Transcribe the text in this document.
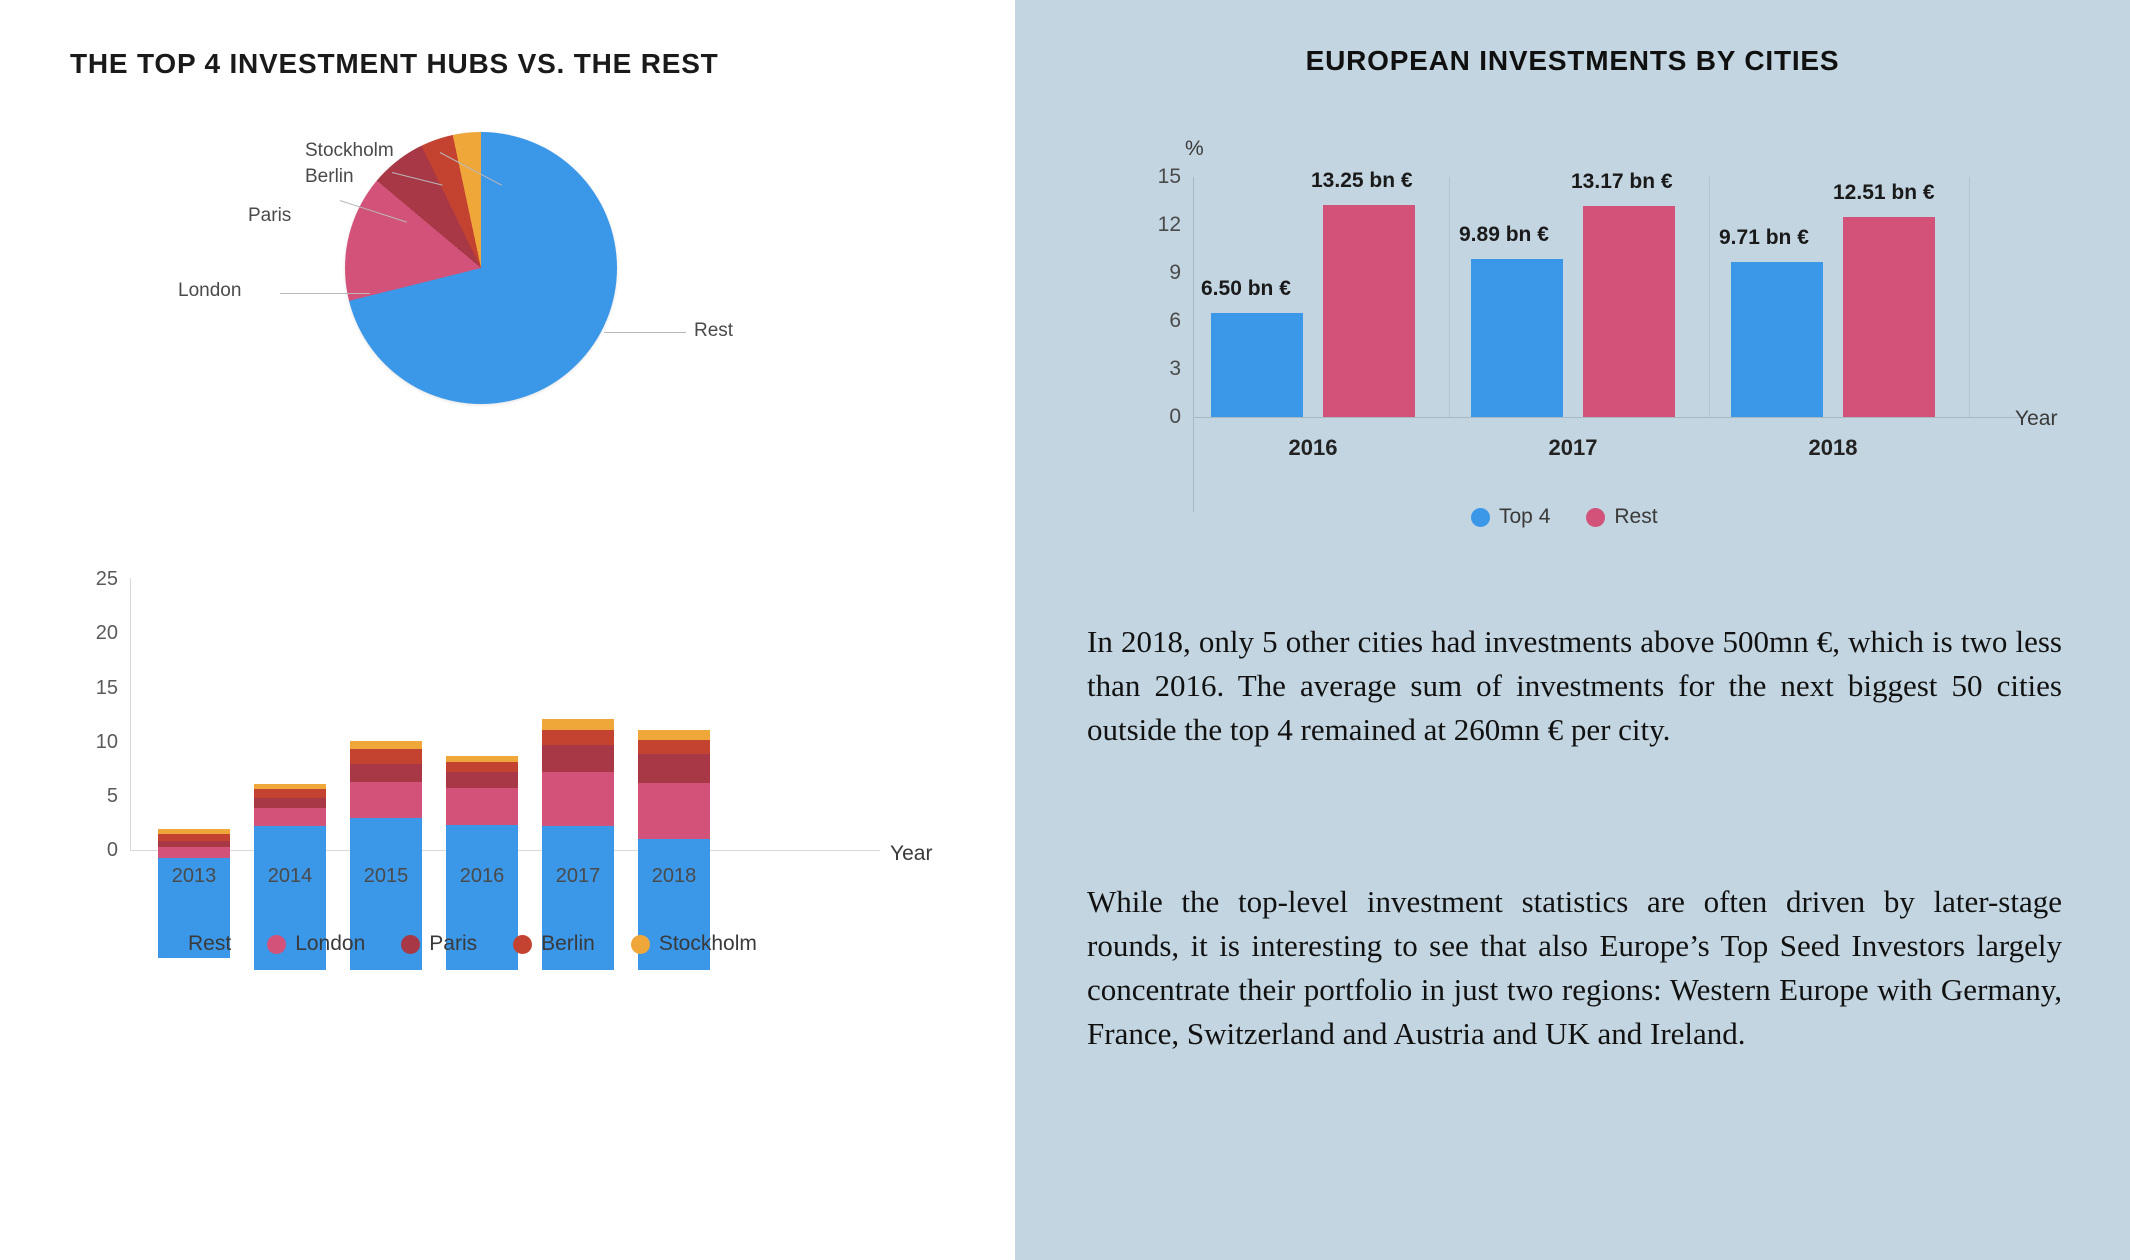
THE TOP 4 INVESTMENT HUBS VS. THE REST
Stockholm
Berlin
Paris
London
Rest
25
20
15
10
5
0
2013	2014	2015	2016	2017	2018
Year
Rest	London	Paris	Berlin	Stockholm
EUROPEAN INVESTMENTS BY CITIES
%
15
12
9
6
3
0
6.50 bn €
13.25 bn €
9.89 bn €
13.17 bn €
9.71 bn €
12.51 bn €
2016	2017	2018
Year
Top 4	Rest
In 2018, only 5 other cities had investments above 500mn €, which is two less than 2016. The average sum of investments for the next biggest 50 cities outside the top 4 remained at 260mn € per city.
While the top-level investment statistics are often driven by later-stage rounds, it is interesting to see that also Europe’s Top Seed Investors largely concentrate their portfolio in just two regions: Western Europe with Germany, France, Switzerland and Austria and UK and Ireland.
